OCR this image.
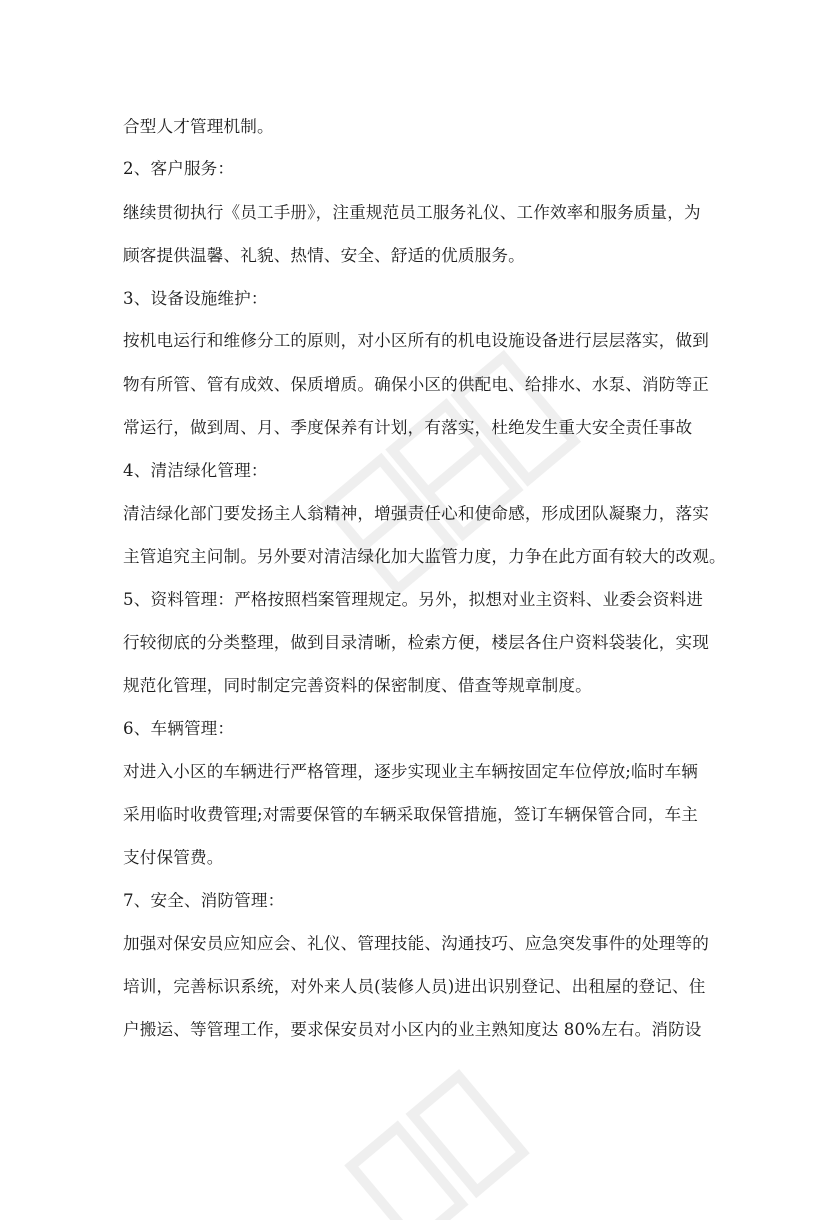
合型人才管理机制。
2、客户服务：
继续贯彻执行《员工手册》，注重规范员工服务礼仪、工作效率和服务质量，为
顾客提供温馨、礼貌、热情、安全、舒适的优质服务。
3、设备设施维护：
按机电运行和维修分工的原则，对小区所有的机电设施设备进行层层落实，做到
物有所管、管有成效、保质增质。确保小区的供配电、给排水、水泵、消防等正
常运行，做到周、月、季度保养有计划，有落实，杜绝发生重大安全责任事故
4、清洁绿化管理：
清洁绿化部门要发扬主人翁精神，增强责任心和使命感，形成团队凝聚力，落实
主管追究主问制。另外要对清洁绿化加大监管力度，力争在此方面有较大的改观。
5、资料管理：严格按照档案管理规定。另外，拟想对业主资料、业委会资料进
行较彻底的分类整理，做到目录清晰，检索方便，楼层各住户资料袋装化，实现
规范化管理，同时制定完善资料的保密制度、借查等规章制度。
6、车辆管理：
对进入小区的车辆进行严格管理，逐步实现业主车辆按固定车位停放;临时车辆
采用临时收费管理;对需要保管的车辆采取保管措施，签订车辆保管合同，车主
支付保管费。
7、安全、消防管理：
加强对保安员应知应会、礼仪、管理技能、沟通技巧、应急突发事件的处理等的
培训，完善标识系统，对外来人员(装修人员)进出识别登记、出租屋的登记、住
户搬运、等管理工作，要求保安员对小区内的业主熟知度达 80%左右。消防设
